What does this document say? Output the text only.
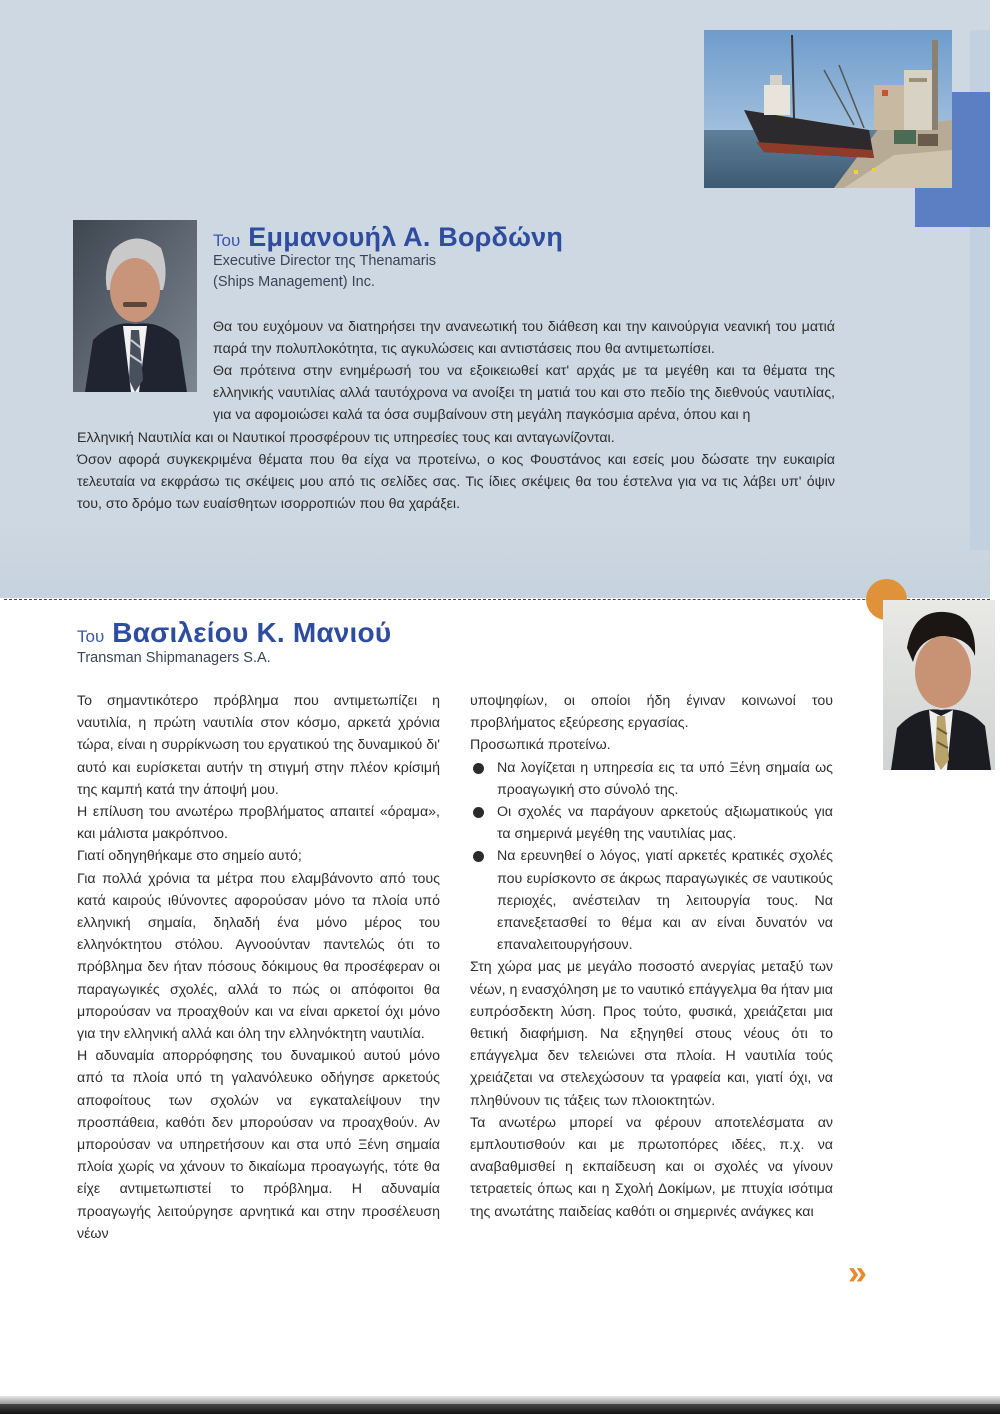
Του Εμμανουήλ Α. Βορδώνη
Executive Director της Thenamaris
(Ships Management) Inc.

Θα του ευχόμουν να διατηρήσει την ανανεωτική του διάθεση και την καινούργια νεανική του ματιά παρά την πολυπλοκότητα, τις αγκυλώσεις και αντιστάσεις που θα αντιμετωπίσει.

Θα πρότεινα στην ενημέρωσή του να εξοικειωθεί κατ' αρχάς με τα μεγέθη και τα θέματα της ελληνικής ναυτιλίας αλλά ταυτόχρονα να ανοίξει τη ματιά του και στο πεδίο της διεθνούς ναυτιλίας, για να αφομοιώσει καλά τα όσα συμβαίνουν στη μεγάλη παγκόσμια αρένα, όπου και η

Ελληνική Ναυτιλία και οι Ναυτικοί προσφέρουν τις υπηρεσίες τους και ανταγωνίζονται.

Όσον αφορά συγκεκριμένα θέματα που θα είχα να προτείνω, ο κος Φουστάνος και εσείς μου δώσατε την ευκαιρία τελευταία να εκφράσω τις σκέψεις μου από τις σελίδες σας. Τις ίδιες σκέψεις θα του έστελνα για να τις λάβει υπ' όψιν του, στο δρόμο των ευαίσθητων ισορροπιών που θα χαράξει.

Του Βασιλείου Κ. Μανιού
Transman Shipmanagers S.A.

Το σημαντικότερο πρόβλημα που αντιμετωπίζει η ναυτιλία, η πρώτη ναυτιλία στον κόσμο, αρκετά χρόνια τώρα, είναι η συρρίκνωση του εργατικού της δυναμικού δι' αυτό και ευρίσκεται αυτήν τη στιγμή στην πλέον κρίσιμή της καμπή κατά την άποψή μου.

Η επίλυση του ανωτέρω προβλήματος απαιτεί «όραμα», και μάλιστα μακρόπνοο.

Γιατί οδηγηθήκαμε στο σημείο αυτό;

Για πολλά χρόνια τα μέτρα που ελαμβάνοντο από τους κατά καιρούς ιθύνοντες αφορούσαν μόνο τα πλοία υπό ελληνική σημαία, δηλαδή ένα μόνο μέρος του ελληνόκτητου στόλου. Αγνοούνταν παντελώς ότι το πρόβλημα δεν ήταν πόσους δόκιμους θα προσέφεραν οι παραγωγικές σχολές, αλλά το πώς οι απόφοιτοι θα μπορούσαν να προαχθούν και να είναι αρκετοί όχι μόνο για την ελληνική αλλά και όλη την ελληνόκτητη ναυτιλία.

Η αδυναμία απορρόφησης του δυναμικού αυτού μόνο από τα πλοία υπό τη γαλανόλευκο οδήγησε αρκετούς αποφοίτους των σχολών να εγκαταλείψουν την προσπάθεια, καθότι δεν μπορούσαν να προαχθούν. Αν μπορούσαν να υπηρετήσουν και στα υπό Ξένη σημαία πλοία χωρίς να χάνουν το δικαίωμα προαγωγής, τότε θα είχε αντιμετωπιστεί το πρόβλημα. Η αδυναμία προαγωγής λειτούργησε αρνητικά και στην προσέλευση νέων

υποψηφίων, οι οποίοι ήδη έγιναν κοινωνοί του προβλήματος εξεύρεσης εργασίας.

Προσωπικά προτείνω.

Να λογίζεται η υπηρεσία εις τα υπό Ξένη σημαία ως προαγωγική στο σύνολό της.
Οι σχολές να παράγουν αρκετούς αξιωματικούς για τα σημερινά μεγέθη της ναυτιλίας μας.
Να ερευνηθεί ο λόγος, γιατί αρκετές κρατικές σχολές που ευρίσκοντο σε άκρως παραγωγικές σε ναυτικούς περιοχές, ανέστειλαν τη λειτουργία τους. Να επανεξετασθεί το θέμα και αν είναι δυνατόν να επαναλειτουργήσουν.

Στη χώρα μας με μεγάλο ποσοστό ανεργίας μεταξύ των νέων, η ενασχόληση με το ναυτικό επάγγελμα θα ήταν μια ευπρόσδεκτη λύση. Προς τούτο, φυσικά, χρειάζεται μια θετική διαφήμιση. Να εξηγηθεί στους νέους ότι το επάγγελμα δεν τελειώνει στα πλοία. Η ναυτιλία τούς χρειάζεται να στελεχώσουν τα γραφεία και, γιατί όχι, να πληθύνουν τις τάξεις των πλοιοκτητών.

Τα ανωτέρω μπορεί να φέρουν αποτελέσματα αν εμπλουτισθούν και με πρωτοπόρες ιδέες, π.χ. να αναβαθμισθεί η εκπαίδευση και οι σχολές να γίνουν τετραετείς όπως και η Σχολή Δοκίμων, με πτυχία ισότιμα της ανωτάτης παιδείας καθότι οι σημερινές ανάγκες και

»
